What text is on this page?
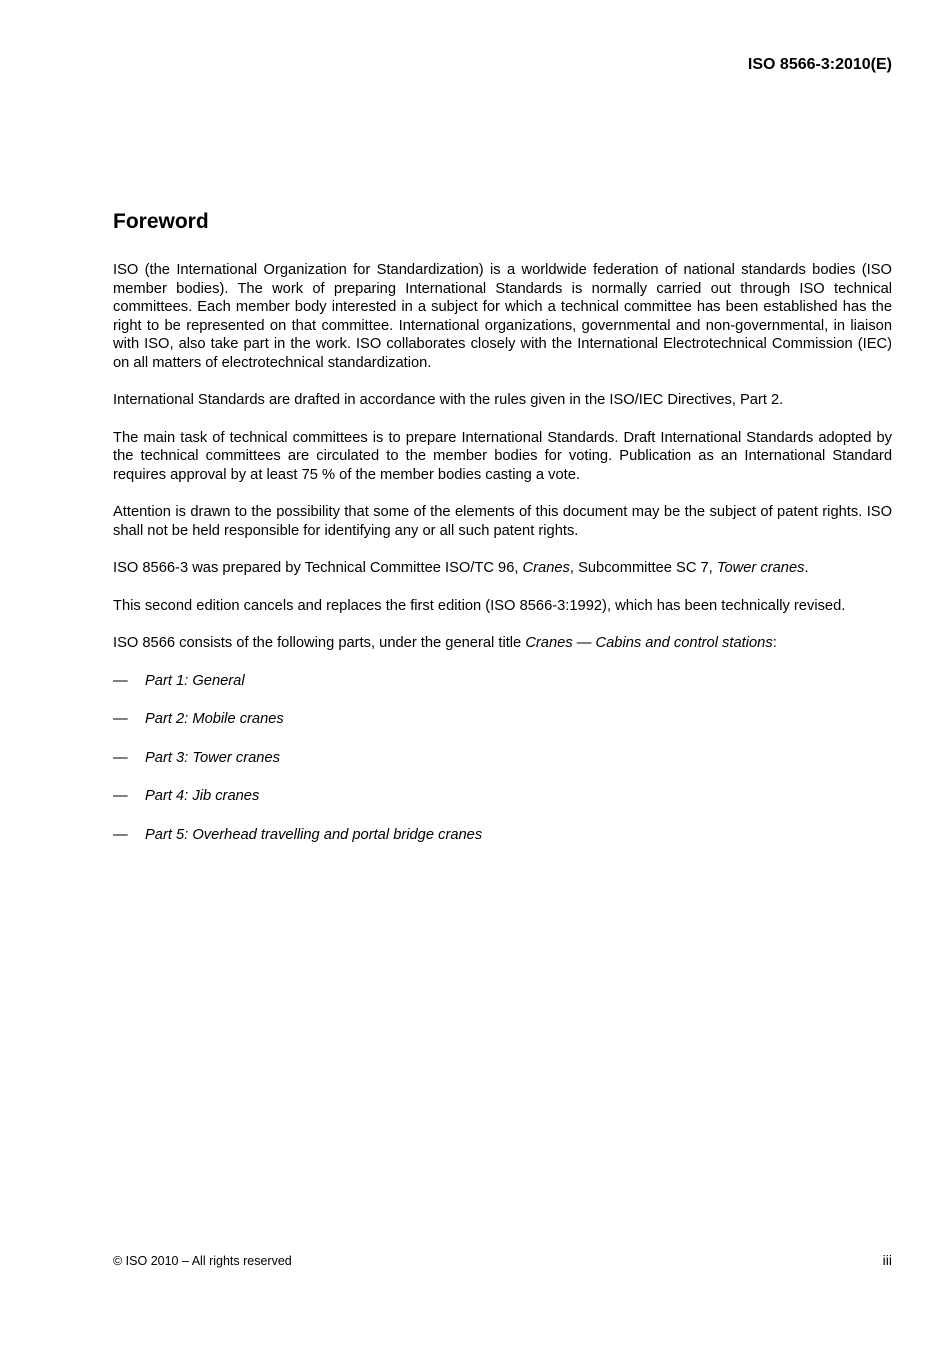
ISO 8566-3:2010(E)
Foreword

ISO (the International Organization for Standardization) is a worldwide federation of national standards bodies (ISO member bodies). The work of preparing International Standards is normally carried out through ISO technical committees. Each member body interested in a subject for which a technical committee has been established has the right to be represented on that committee. International organizations, governmental and non-governmental, in liaison with ISO, also take part in the work. ISO collaborates closely with the International Electrotechnical Commission (IEC) on all matters of electrotechnical standardization.

International Standards are drafted in accordance with the rules given in the ISO/IEC Directives, Part 2.

The main task of technical committees is to prepare International Standards. Draft International Standards adopted by the technical committees are circulated to the member bodies for voting. Publication as an International Standard requires approval by at least 75 % of the member bodies casting a vote.

Attention is drawn to the possibility that some of the elements of this document may be the subject of patent rights. ISO shall not be held responsible for identifying any or all such patent rights.

ISO 8566-3 was prepared by Technical Committee ISO/TC 96, Cranes, Subcommittee SC 7, Tower cranes.

This second edition cancels and replaces the first edition (ISO 8566-3:1992), which has been technically revised.

ISO 8566 consists of the following parts, under the general title Cranes — Cabins and control stations:

—	Part 1: General
—	Part 2: Mobile cranes
—	Part 3: Tower cranes
—	Part 4: Jib cranes
—	Part 5: Overhead travelling and portal bridge cranes
© ISO 2010 – All rights reserved	iii
